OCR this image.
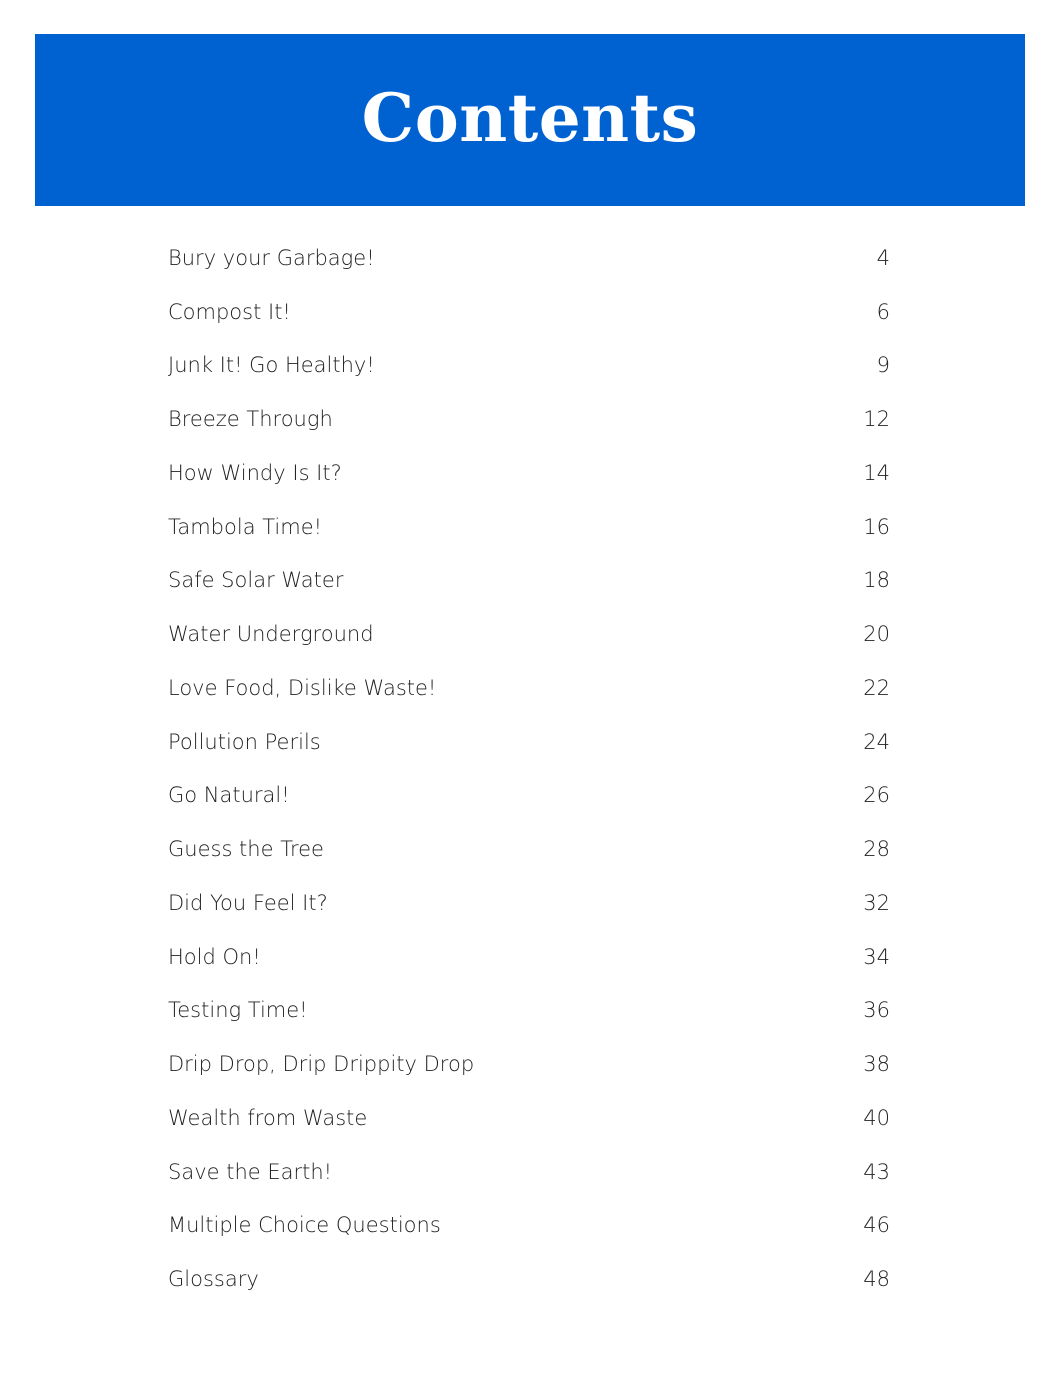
Contents
Bury your Garbage!	4
Compost It!	6
Junk It! Go Healthy!	9
Breeze Through	12
How Windy Is It?	14
Tambola Time!	16
Safe Solar Water	18
Water Underground	20
Love Food, Dislike Waste!	22
Pollution Perils	24
Go Natural!	26
Guess the Tree	28
Did You Feel It?	32
Hold On!	34
Testing Time!	36
Drip Drop, Drip Drippity Drop	38
Wealth from Waste	40
Save the Earth!	43
Multiple Choice Questions	46
Glossary	48
